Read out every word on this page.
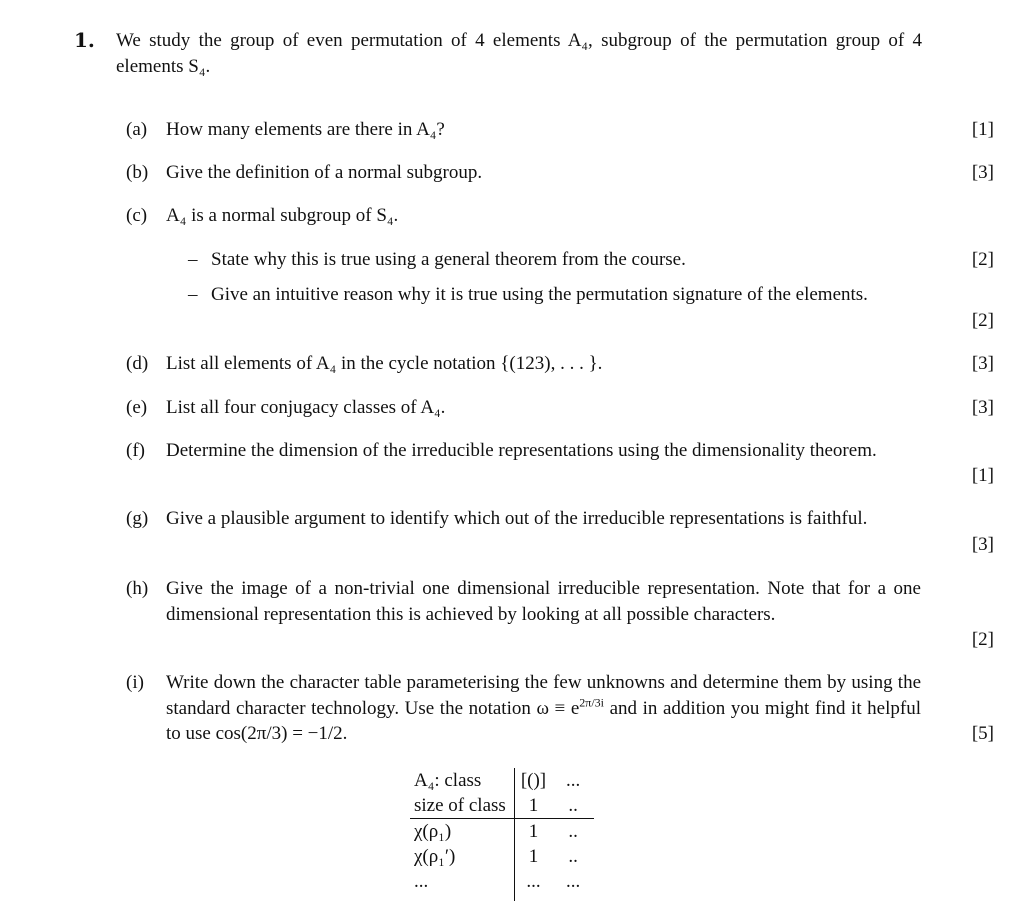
1. We study the group of even permutation of 4 elements A₄, subgroup of the permutation group of 4 elements S₄.
(a) How many elements are there in A₄?	[1]
(b) Give the definition of a normal subgroup.	[3]
(c) A₄ is a normal subgroup of S₄.
– State why this is true using a general theorem from the course.	[2]
– Give an intuitive reason why it is true using the permutation signature of the elements.
[2]
(d) List all elements of A₄ in the cycle notation {(123), . . . }.	[3]
(e) List all four conjugacy classes of A₄.	[3]
(f)	Determine the dimension of the irreducible representations using the dimensionality theorem.
[1]
(g) Give a plausible argument to identify which out of the irreducible representations is faithful.
[3]
(h) Give the image of a non-trivial one dimensional irreducible representation. Note that for a one dimensional representation this is achieved by looking at all possible characters.
[2]
(i)	Write down the character table parameterising the few unknowns and determine them by using the standard character technology. Use the notation $\omega \equiv e^{2\pi/3i}$ and in addition you might find it helpful to use cos(2π/3) = −1/2.	[5]
A₄: class	[()]	...
size of class	1	..
χ(ρ₁)	1	..
χ(ρ₁′)	1	..
...	...	...
